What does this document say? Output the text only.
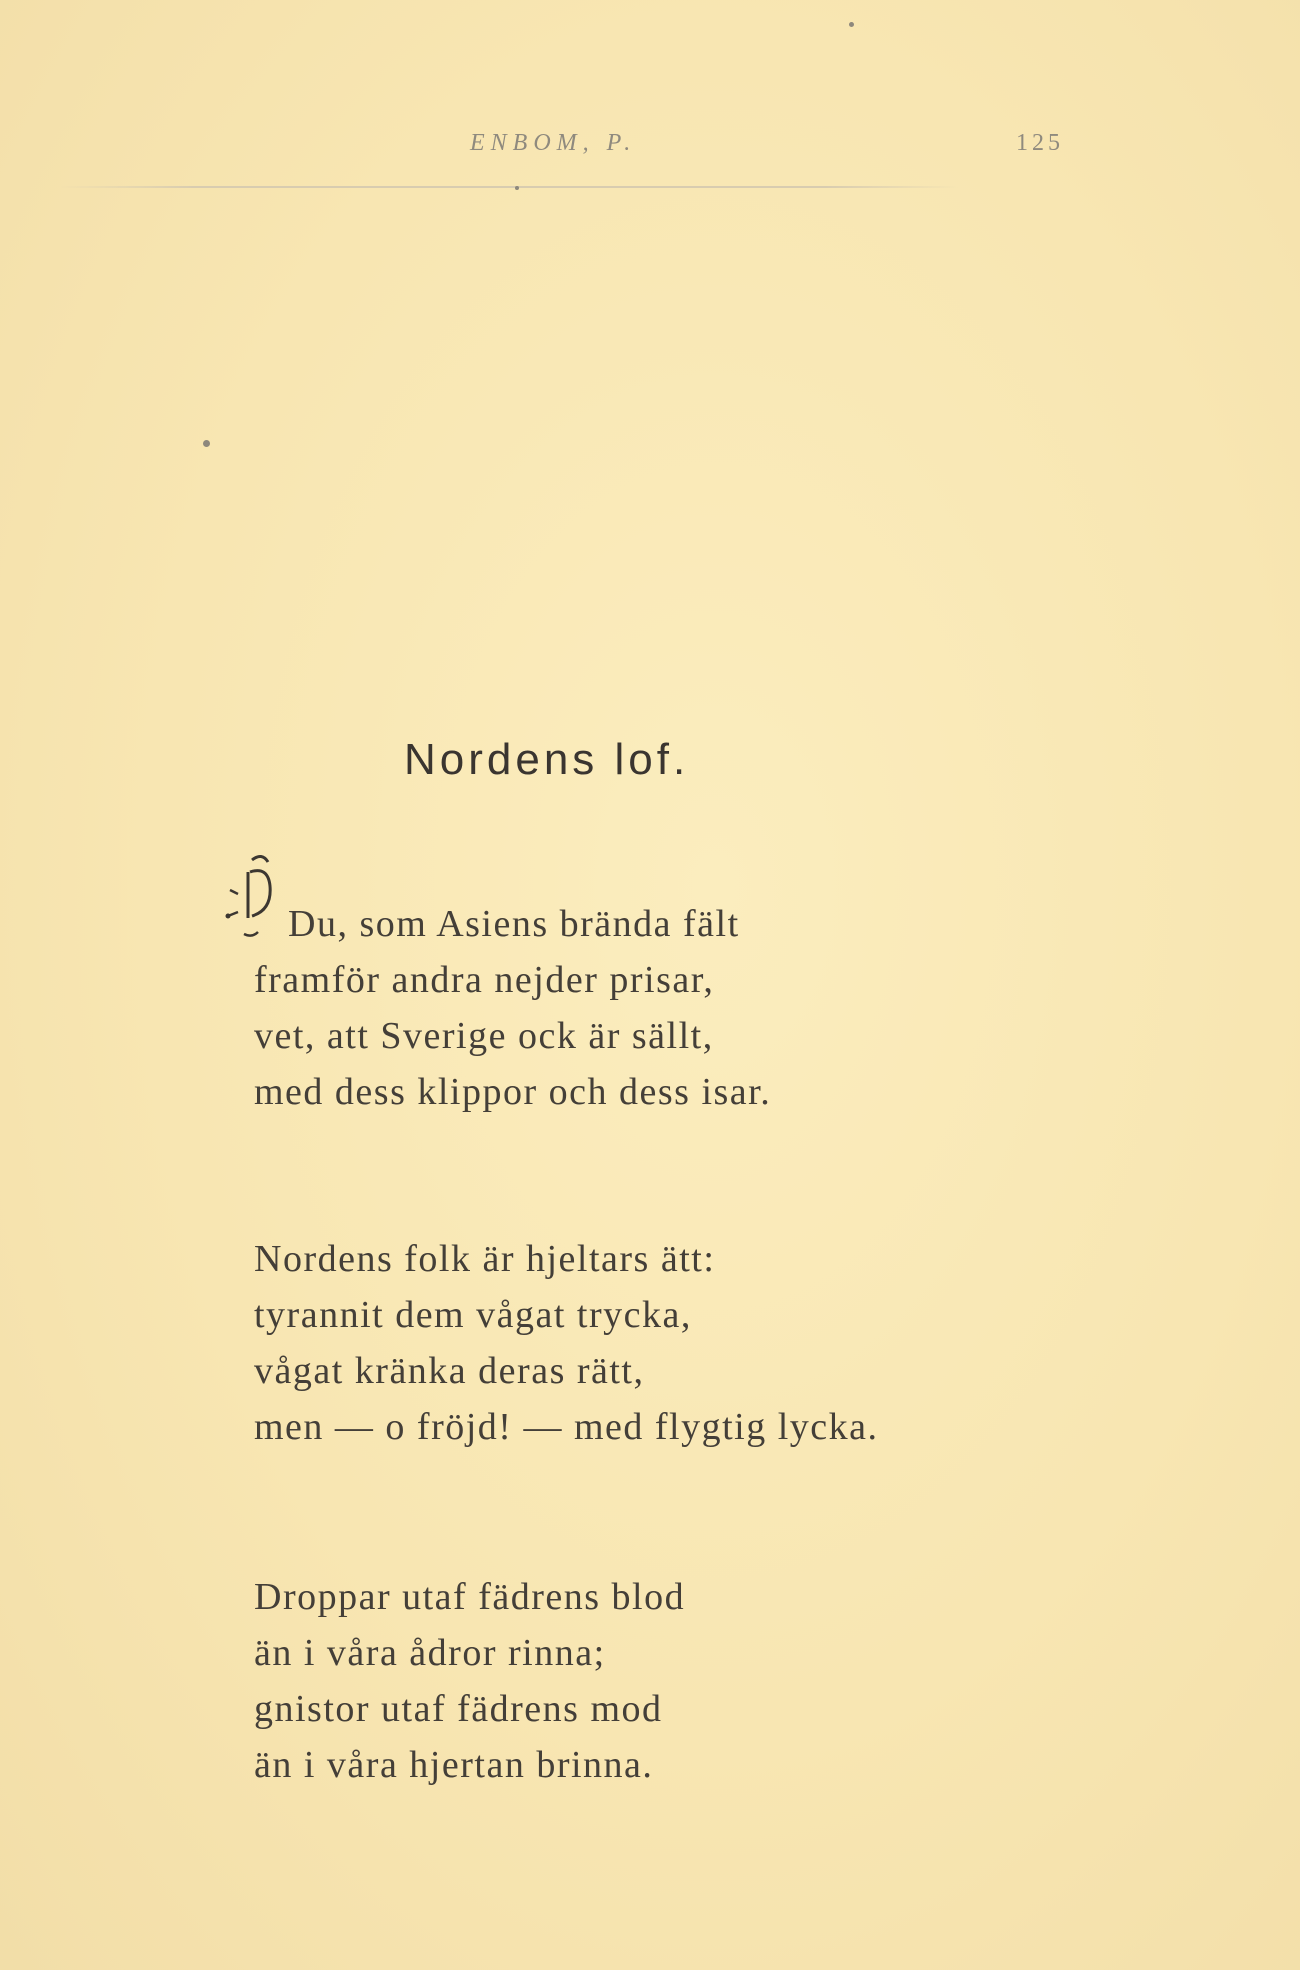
ENBOM, P.	125
Nordens lof.
Du, som Asiens brända fält
framför andra nejder prisar,
vet, att Sverige ock är sällt,
med dess klippor och dess isar.
Nordens folk är hjeltars ätt:
tyrannit dem vågat trycka,
vågat kränka deras rätt,
men — o fröjd! — med flygtig lycka.
Droppar utaf fädrens blod
än i våra ådror rinna;
gnistor utaf fädrens mod
än i våra hjertan brinna.
